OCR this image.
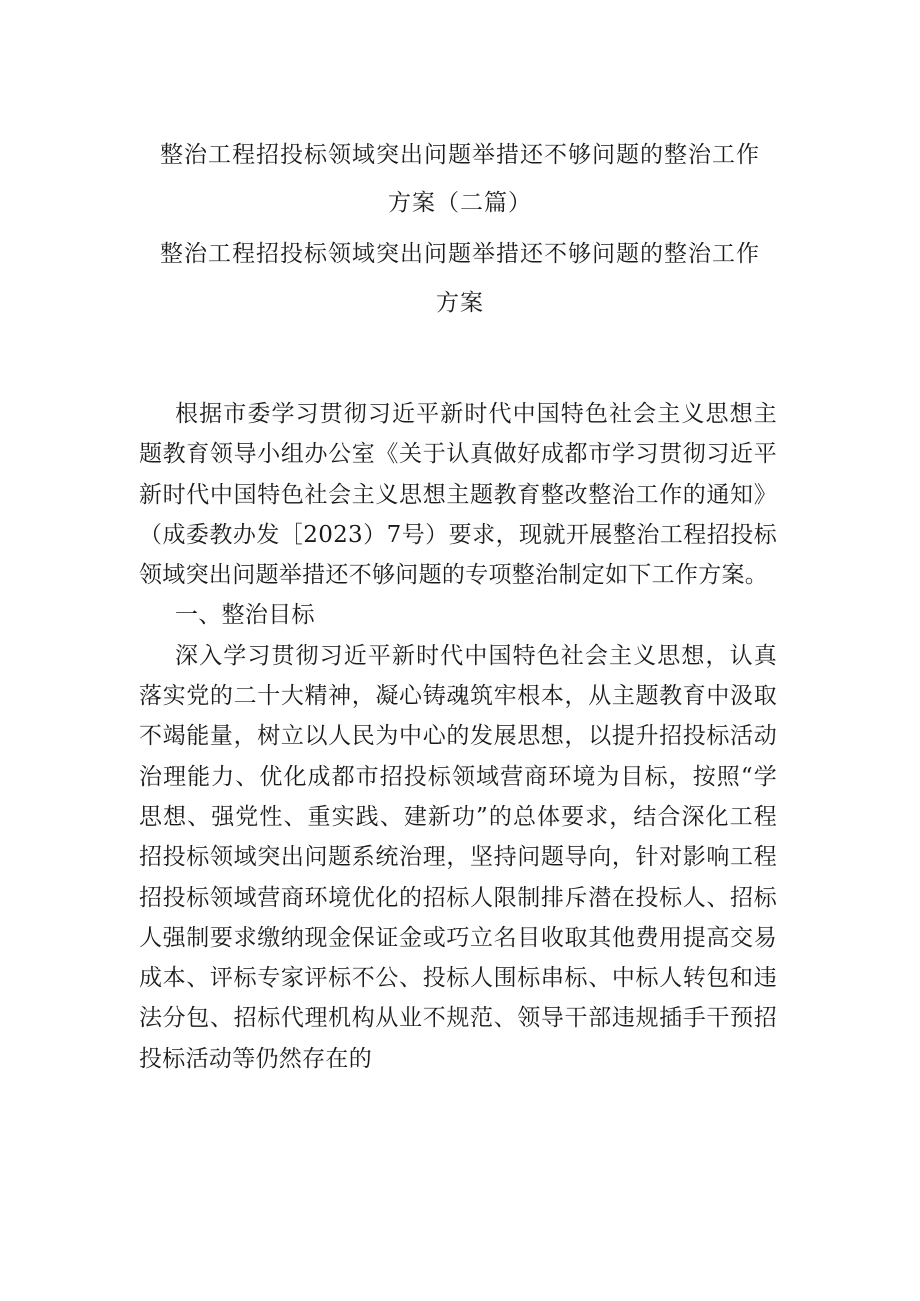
整治工程招投标领域突出问题举措还不够问题的整治工作
方案（二篇）
整治工程招投标领域突出问题举措还不够问题的整治工作
方案

根据市委学习贯彻习近平新时代中国特色社会主义思想主题教育领导小组办公室《关于认真做好成都市学习贯彻习近平新时代中国特色社会主义思想主题教育整改整治工作的通知》（成委教办发［2023）7号）要求，现就开展整治工程招投标领域突出问题举措还不够问题的专项整治制定如下工作方案。

一、整治目标

深入学习贯彻习近平新时代中国特色社会主义思想，认真落实党的二十大精神，凝心铸魂筑牢根本，从主题教育中汲取不竭能量，树立以人民为中心的发展思想，以提升招投标活动治理能力、优化成都市招投标领域营商环境为目标，按照“学思想、强党性、重实践、建新功”的总体要求，结合深化工程招投标领域突出问题系统治理，坚持问题导向，针对影响工程招投标领域营商环境优化的招标人限制排斥潜在投标人、招标人强制要求缴纳现金保证金或巧立名目收取其他费用提高交易成本、评标专家评标不公、投标人围标串标、中标人转包和违法分包、招标代理机构从业不规范、领导干部违规插手干预招投标活动等仍然存在的
